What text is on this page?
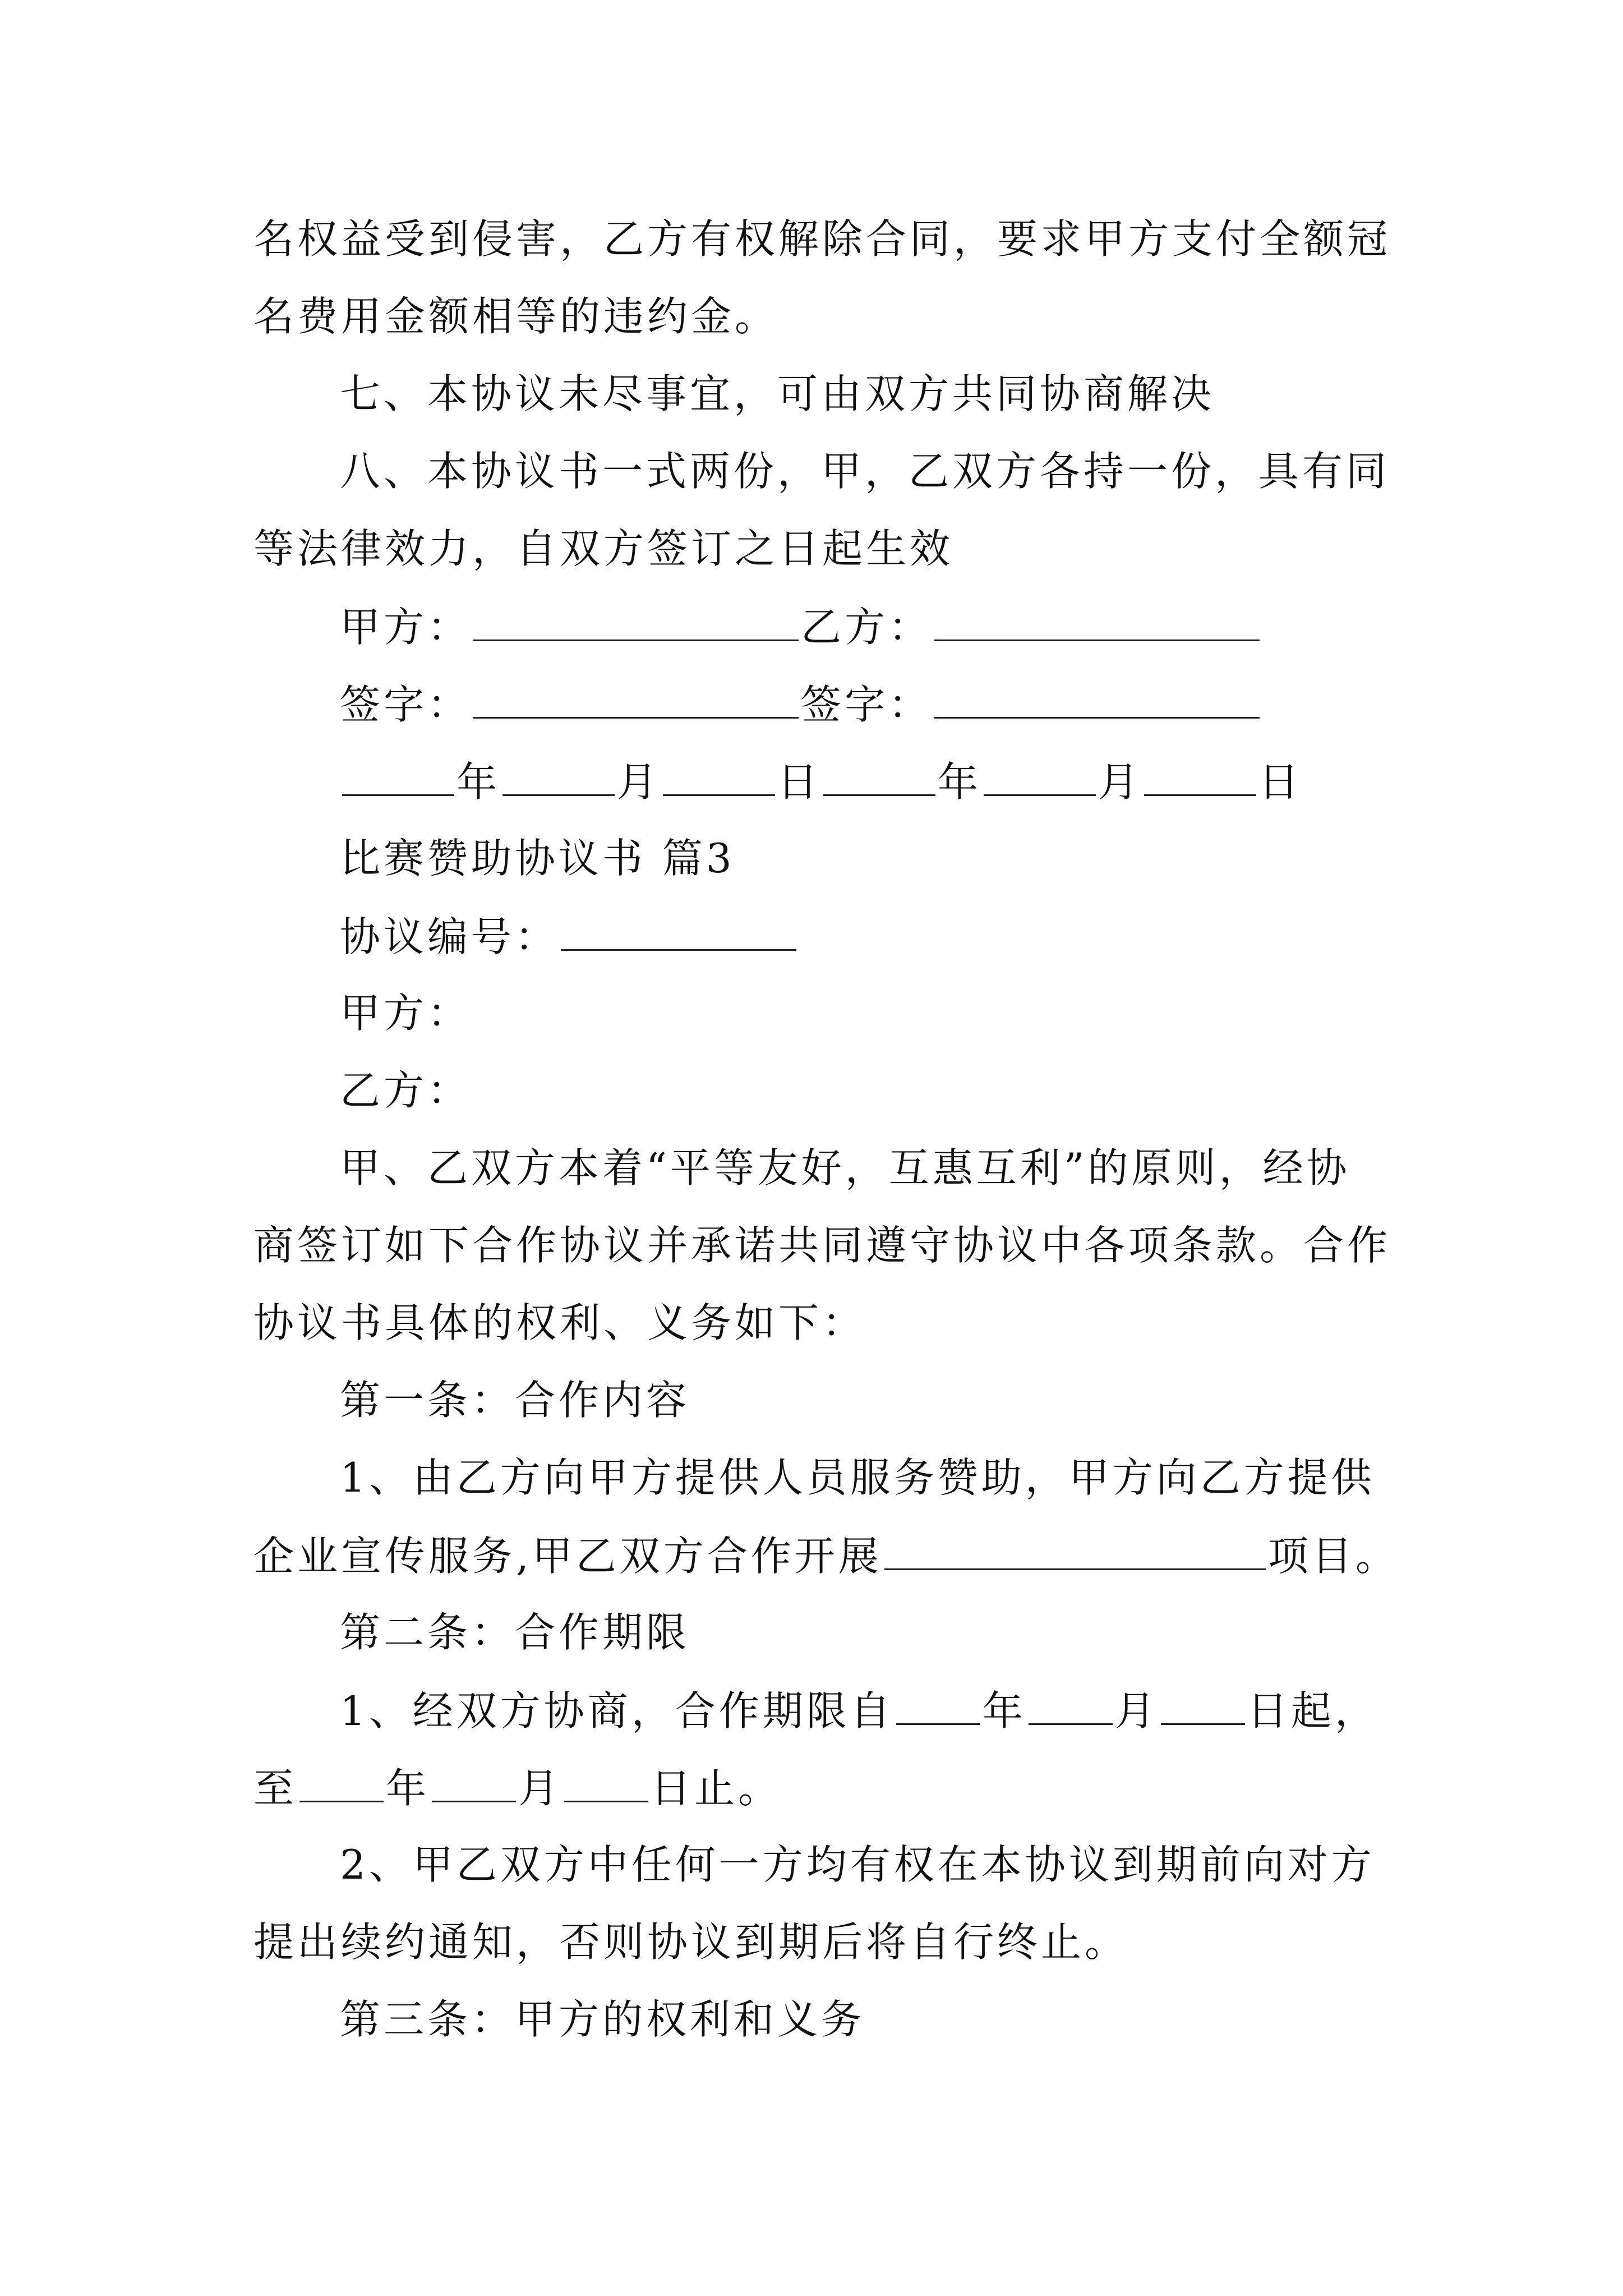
名权益受到侵害，乙方有权解除合同，要求甲方支付全额冠
名费用金额相等的违约金。
七、本协议未尽事宜，可由双方共同协商解决
八、本协议书一式两份，甲，乙双方各持一份，具有同
等法律效力，自双方签订之日起生效
甲方：	乙方：
签字：	签字：
年	月	日	年	月	日
比赛赞助协议书 篇3
协议编号：
甲方：
乙方：
甲、乙双方本着“平等友好，互惠互利”的原则，经协
商签订如下合作协议并承诺共同遵守协议中各项条款。合作
协议书具体的权利、义务如下：
第一条：合作内容
1、由乙方向甲方提供人员服务赞助，甲方向乙方提供
企业宣传服务,甲乙双方合作开展	项目。
第二条：合作期限
1、经双方协商，合作期限自 年 月 日起，
至 年 月 日止。
2、甲乙双方中任何一方均有权在本协议到期前向对方
提出续约通知，否则协议到期后将自行终止。
第三条：甲方的权利和义务
